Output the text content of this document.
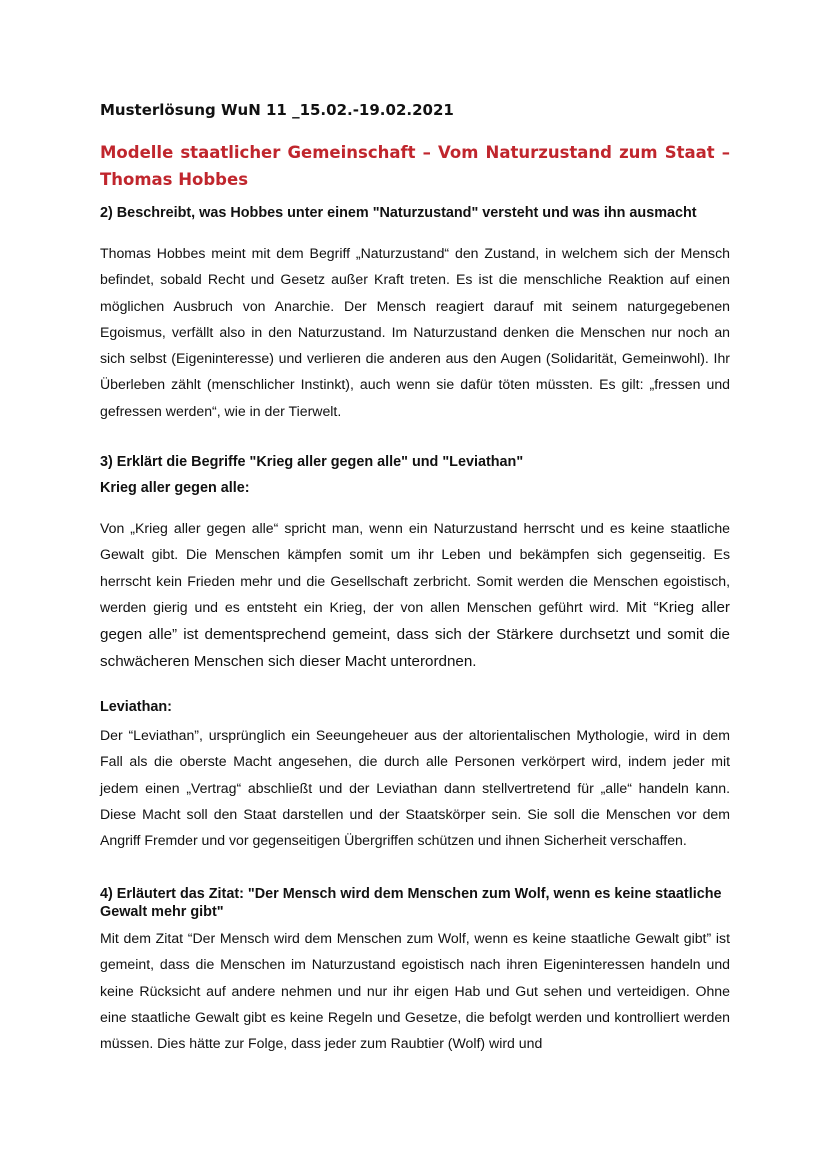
Musterlösung WuN 11 _15.02.-19.02.2021
Modelle staatlicher Gemeinschaft – Vom Naturzustand zum Staat – Thomas Hobbes
2) Beschreibt, was Hobbes unter einem "Naturzustand" versteht und was ihn ausmacht
Thomas Hobbes meint mit dem Begriff „Naturzustand“ den Zustand, in welchem sich der Mensch befindet, sobald Recht und Gesetz außer Kraft treten. Es ist die menschliche Reaktion auf einen möglichen Ausbruch von Anarchie. Der Mensch reagiert darauf mit seinem naturgegebenen Egoismus, verfällt also in den Naturzustand. Im Naturzustand denken die Menschen nur noch an sich selbst (Eigeninteresse) und verlieren die anderen aus den Augen (Solidarität, Gemeinwohl). Ihr Überleben zählt (menschlicher Instinkt), auch wenn sie dafür töten müssten. Es gilt: „fressen und gefressen werden“, wie in der Tierwelt.
3) Erklärt die Begriffe "Krieg aller gegen alle" und "Leviathan"
Krieg aller gegen alle:
Von „Krieg aller gegen alle“ spricht man, wenn ein Naturzustand herrscht und es keine staatliche Gewalt gibt. Die Menschen kämpfen somit um ihr Leben und bekämpfen sich gegenseitig. Es herrscht kein Frieden mehr und die Gesellschaft zerbricht. Somit werden die Menschen egoistisch, werden gierig und es entsteht ein Krieg, der von allen Menschen geführt wird. Mit “Krieg aller gegen alle” ist dementsprechend gemeint, dass sich der Stärkere durchsetzt und somit die schwächeren Menschen sich dieser Macht unterordnen.
Leviathan:
Der “Leviathan”, ursprünglich ein Seeungeheuer aus der altorientalischen Mythologie, wird in dem Fall als die oberste Macht angesehen, die durch alle Personen verkörpert wird, indem jeder mit jedem einen „Vertrag“ abschließt und der Leviathan dann stellvertretend für „alle“ handeln kann. Diese Macht soll den Staat darstellen und der Staatskörper sein. Sie soll die Menschen vor dem Angriff Fremder und vor gegenseitigen Übergriffen schützen und ihnen Sicherheit verschaffen.
4) Erläutert das Zitat: "Der Mensch wird dem Menschen zum Wolf, wenn es keine staatliche Gewalt mehr gibt"
Mit dem Zitat “Der Mensch wird dem Menschen zum Wolf, wenn es keine staatliche Gewalt gibt” ist gemeint, dass die Menschen im Naturzustand egoistisch nach ihren Eigeninteressen handeln und keine Rücksicht auf andere nehmen und nur ihr eigen Hab und Gut sehen und verteidigen. Ohne eine staatliche Gewalt gibt es keine Regeln und Gesetze, die befolgt werden und kontrolliert werden müssen. Dies hätte zur Folge, dass jeder zum Raubtier (Wolf) wird und
